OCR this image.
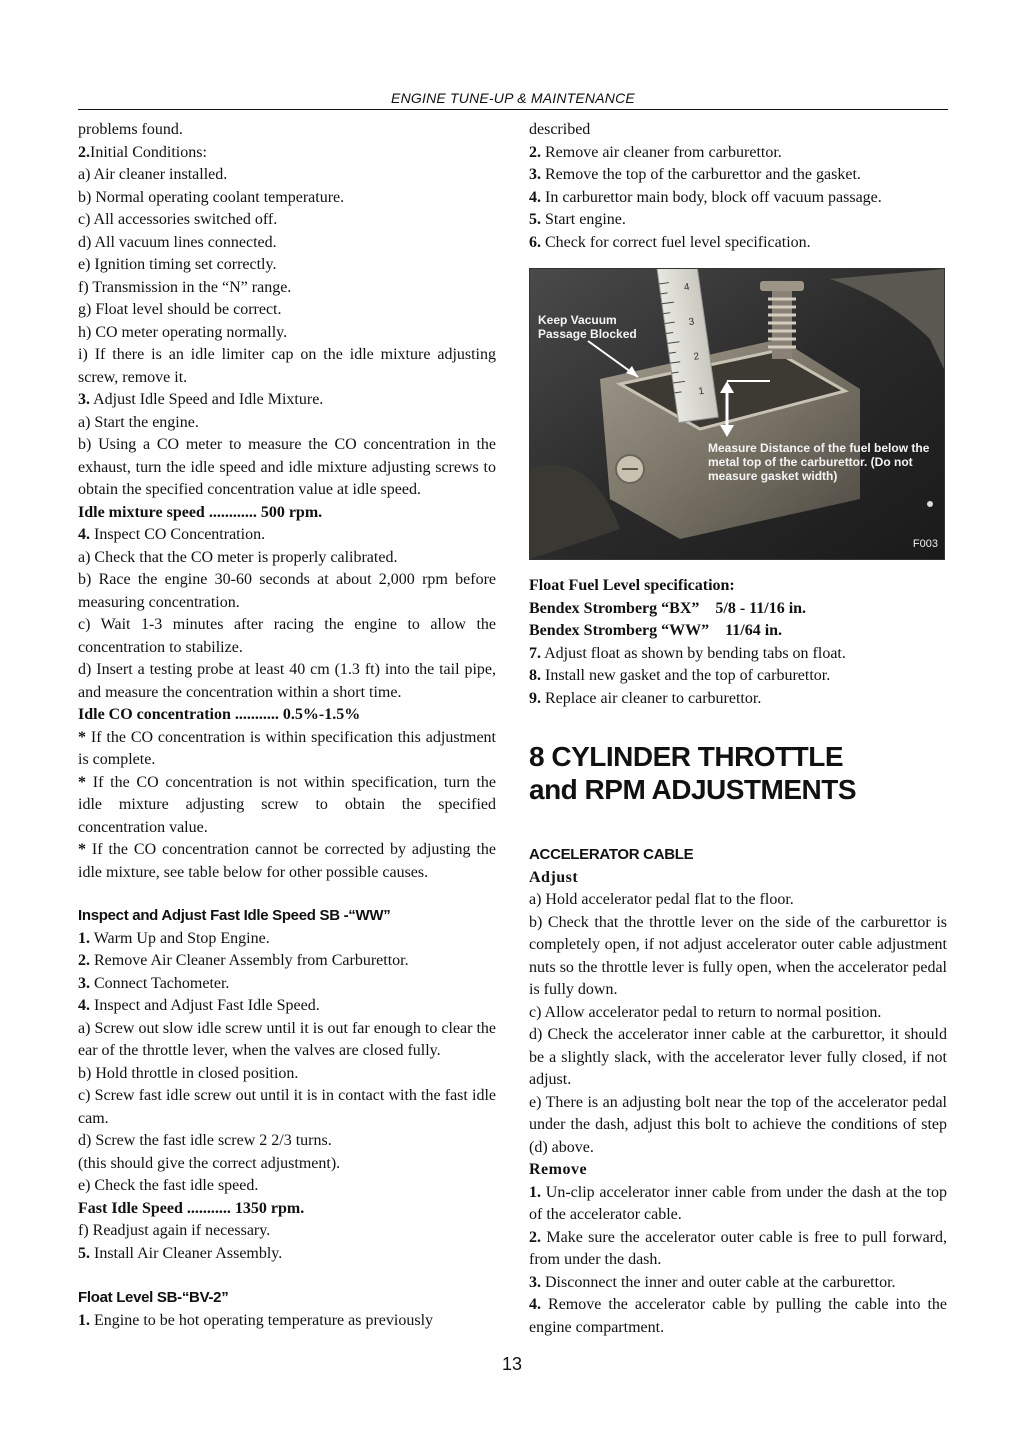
ENGINE TUNE-UP & MAINTENANCE

problems found.

2.Initial Conditions:

a) Air cleaner installed.

b) Normal operating coolant temperature.

c) All accessories switched off.

d) All vacuum lines connected.

e) Ignition timing set correctly.

f) Transmission in the “N” range.

g) Float level should be correct.

h) CO meter operating normally.

i) If there is an idle limiter cap on the idle mixture adjusting screw, remove it.

3. Adjust Idle Speed and Idle Mixture.

a) Start the engine.

b) Using a CO meter to measure the CO concentration in the exhaust, turn the idle speed and idle mixture adjusting screws to obtain the specified concentration value at idle speed.

Idle mixture speed ............ 500 rpm.

4. Inspect CO Concentration.

a) Check that the CO meter is properly calibrated.

b) Race the engine 30-60 seconds at about 2,000 rpm before measuring concentration.

c) Wait 1-3 minutes after racing the engine to allow the concentration to stabilize.

d) Insert a testing probe at least 40 cm (1.3 ft) into the tail pipe, and measure the concentration within a short time.

Idle CO concentration ........... 0.5%-1.5%

* If the CO concentration is within specification this adjustment is complete.

* If the CO concentration is not within specification, turn the idle mixture adjusting screw to obtain the specified concentration value.

* If the CO concentration cannot be corrected by adjusting the idle mixture, see table below for other possible causes.

Inspect and Adjust Fast Idle Speed SB -“WW”

1. Warm Up and Stop Engine.

2. Remove Air Cleaner Assembly from Carburettor.

3. Connect Tachometer.

4. Inspect and Adjust Fast Idle Speed.

a) Screw out slow idle screw until it is out far enough to clear the ear of the throttle lever, when the valves are closed fully.

b) Hold throttle in closed position.

c) Screw fast idle screw out until it is in contact with the fast idle cam.

d) Screw the fast idle screw 2 2/3 turns.

(this should give the correct adjustment).

e) Check the fast idle speed.

Fast Idle Speed ........... 1350 rpm.

f) Readjust again if necessary.

5. Install Air Cleaner Assembly.

Float Level SB-“BV-2”

1. Engine to be hot operating temperature as previously

described

2. Remove air cleaner from carburettor.

3. Remove the top of the carburettor and the gasket.

4. In carburettor main body, block off vacuum passage.

5. Start engine.

6. Check for correct fuel level specification.

4
3
2
1
Keep Vacuum Passage Blocked
Measure Distance of the fuel below the metal top of the carburettor. (Do not measure gasket width)
F003

Float Fuel Level specification:

Bendex Stromberg “BX”    5/8 - 11/16 in.

Bendex Stromberg “WW”    11/64 in.

7. Adjust float as shown by bending tabs on float.

8. Install new gasket and the top of carburettor.

9. Replace air cleaner to carburettor.

8 CYLINDER THROTTLE

and RPM ADJUSTMENTS

ACCELERATOR CABLE

Adjust

a) Hold accelerator pedal flat to the floor.

b) Check that the throttle lever on the side of the carburettor is completely open, if not adjust accelerator outer cable adjustment nuts so the throttle lever is fully open, when the accelerator pedal is fully down.

c) Allow accelerator pedal to return to normal position.

d) Check the accelerator inner cable at the carburettor, it should be a slightly slack, with the accelerator lever fully closed, if not adjust.

e) There is an adjusting bolt near the top of the accelerator pedal under the dash, adjust this bolt to achieve the conditions of step (d) above.

Remove

1. Un-clip accelerator inner cable from under the dash at the top of the accelerator cable.

2. Make sure the accelerator outer cable is free to pull forward, from under the dash.

3. Disconnect the inner and outer cable at the carburettor.

4. Remove the accelerator cable by pulling the cable into the engine compartment.

13
